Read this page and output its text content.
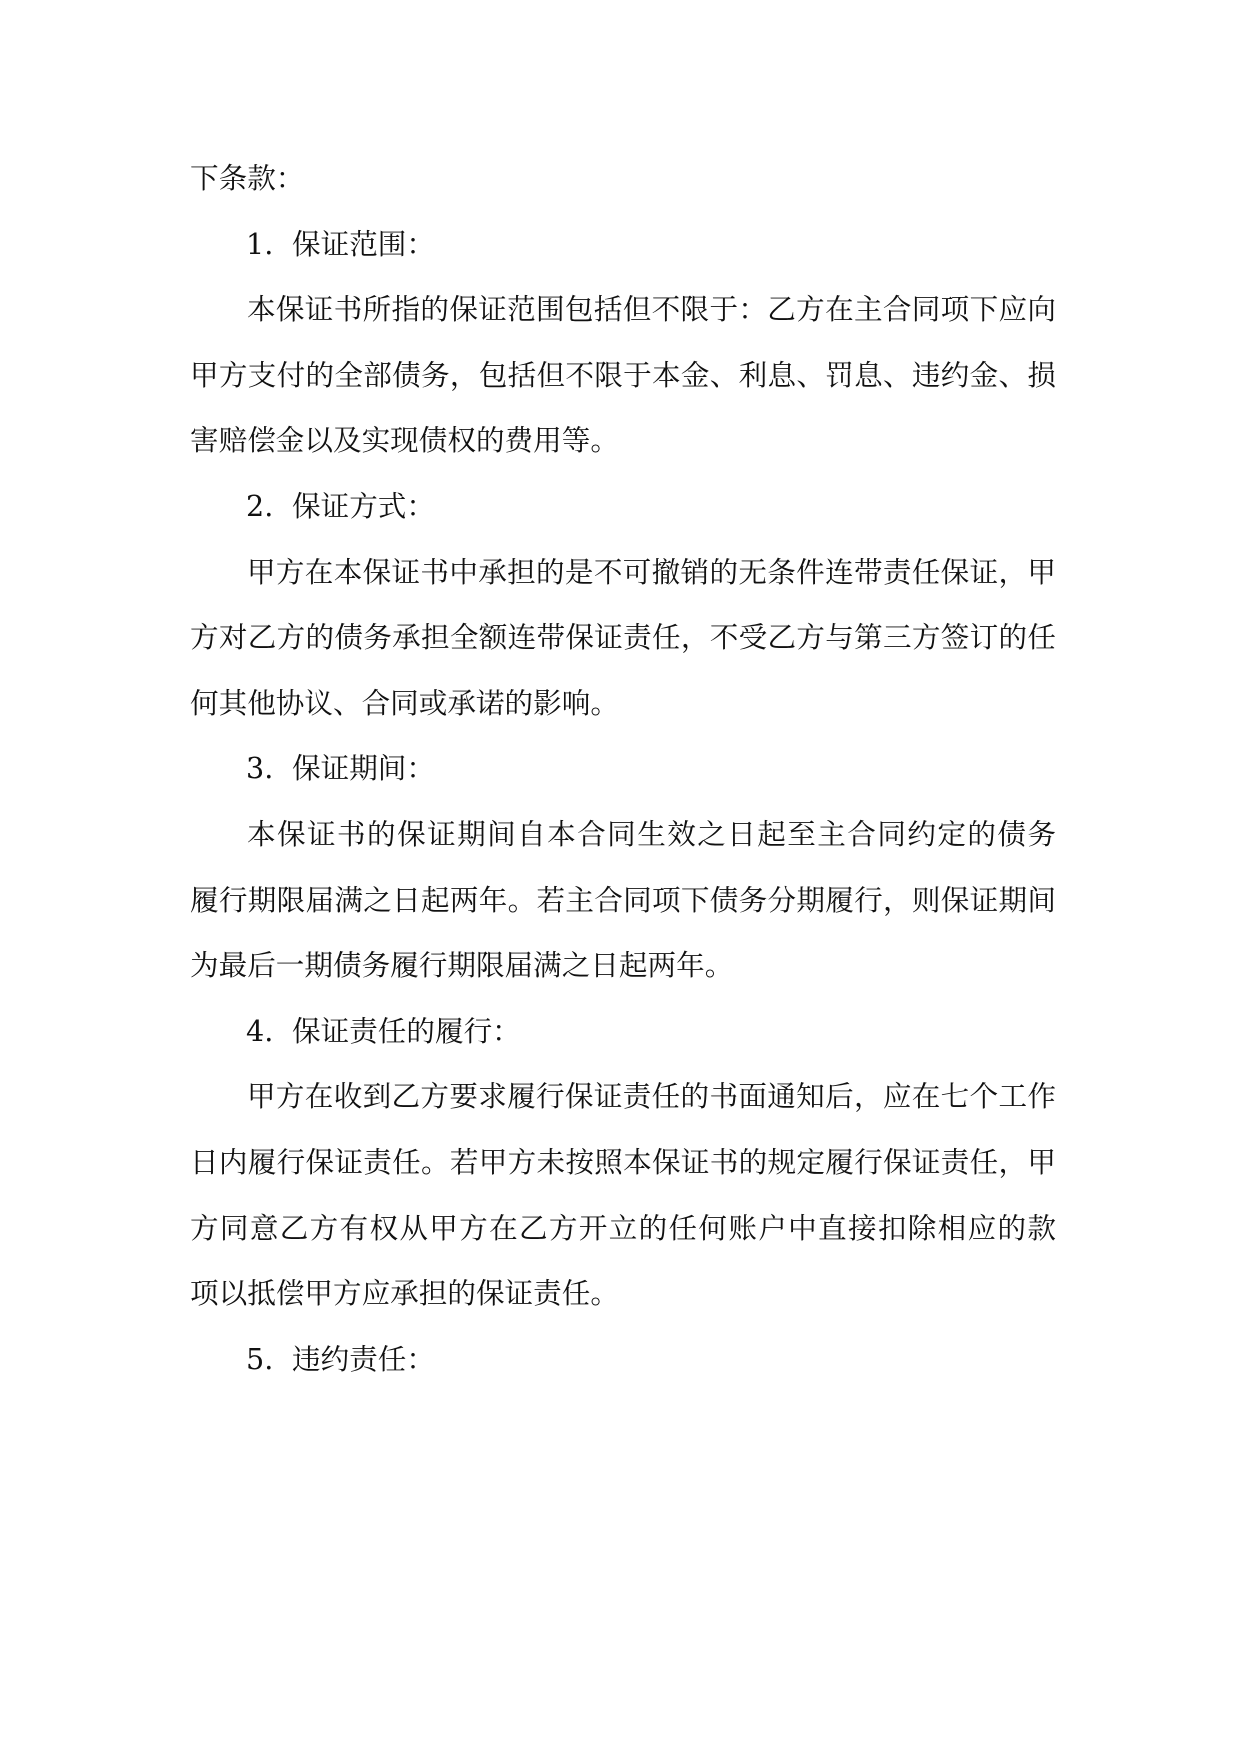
下条款：
1. 保证范围：
本保证书所指的保证范围包括但不限于：乙方在主合同项下应向
甲方支付的全部债务，包括但不限于本金、利息、罚息、违约金、损
害赔偿金以及实现债权的费用等。
2. 保证方式：
甲方在本保证书中承担的是不可撤销的无条件连带责任保证，甲
方对乙方的债务承担全额连带保证责任，不受乙方与第三方签订的任
何其他协议、合同或承诺的影响。
3. 保证期间：
本保证书的保证期间自本合同生效之日起至主合同约定的债务
履行期限届满之日起两年。若主合同项下债务分期履行，则保证期间
为最后一期债务履行期限届满之日起两年。
4. 保证责任的履行：
甲方在收到乙方要求履行保证责任的书面通知后，应在七个工作
日内履行保证责任。若甲方未按照本保证书的规定履行保证责任，甲
方同意乙方有权从甲方在乙方开立的任何账户中直接扣除相应的款
项以抵偿甲方应承担的保证责任。
5. 违约责任：
